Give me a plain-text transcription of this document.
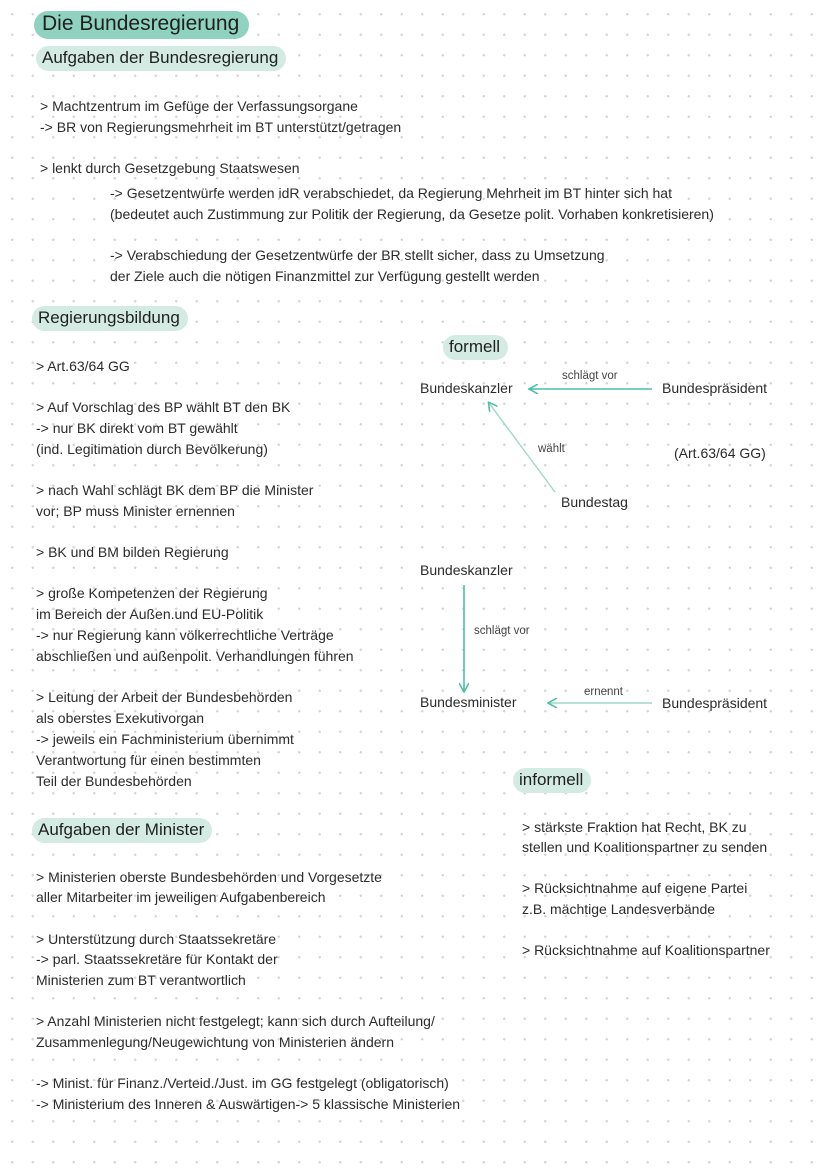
Die Bundesregierung
Aufgaben der Bundesregierung
> Machtzentrum im Gefüge der Verfassungsorgane
-> BR von Regierungsmehrheit im BT unterstützt/getragen
> lenkt durch Gesetzgebung Staatswesen
-> Gesetzentwürfe werden idR verabschiedet, da Regierung Mehrheit im BT hinter sich hat
(bedeutet auch Zustimmung zur Politik der Regierung, da Gesetze polit. Vorhaben konkretisieren)
-> Verabschiedung der Gesetzentwürfe der BR stellt sicher, dass zu Umsetzung
der Ziele auch die nötigen Finanzmittel zur Verfügung gestellt werden
Regierungsbildung
> Art.63/64 GG
> Auf Vorschlag des BP wählt BT den BK
-> nur BK direkt vom BT gewählt
(ind. Legitimation durch Bevölkerung)
> nach Wahl schlägt BK dem BP die Minister
vor; BP muss Minister ernennen
> BK und BM bilden Regierung
> große Kompetenzen der Regierung
im Bereich der Außen.und EU-Politik
-> nur Regierung kann völkerrechtliche Verträge
abschließen und außenpolit. Verhandlungen führen
> Leitung der Arbeit der Bundesbehörden
als oberstes Exekutivorgan
-> jeweils ein Fachministerium übernimmt
Verantwortung für einen bestimmten
Teil der Bundesbehörden
formell
Bundeskanzler	Bundespräsident
schlägt vor
wählt	(Art.63/64 GG)
Bundestag
Bundeskanzler
schlägt vor
Bundesminister
ernennt
Bundespräsident
informell
> stärkste Fraktion hat Recht, BK zu
stellen und Koalitionspartner zu senden
> Rücksichtnahme auf eigene Partei
z.B. mächtige Landesverbände
> Rücksichtnahme auf Koalitionspartner
Aufgaben der Minister
> Ministerien oberste Bundesbehörden und Vorgesetzte
aller Mitarbeiter im jeweiligen Aufgabenbereich
> Unterstützung durch Staatssekretäre
-> parl. Staatssekretäre für Kontakt der
Ministerien zum BT verantwortlich
> Anzahl Ministerien nicht festgelegt; kann sich durch Aufteilung/
Zusammenlegung/Neugewichtung von Ministerien ändern
-> Minist. für Finanz./Verteid./Just. im GG festgelegt (obligatorisch)
-> Ministerium des Inneren & Auswärtigen-> 5 klassische Ministerien
